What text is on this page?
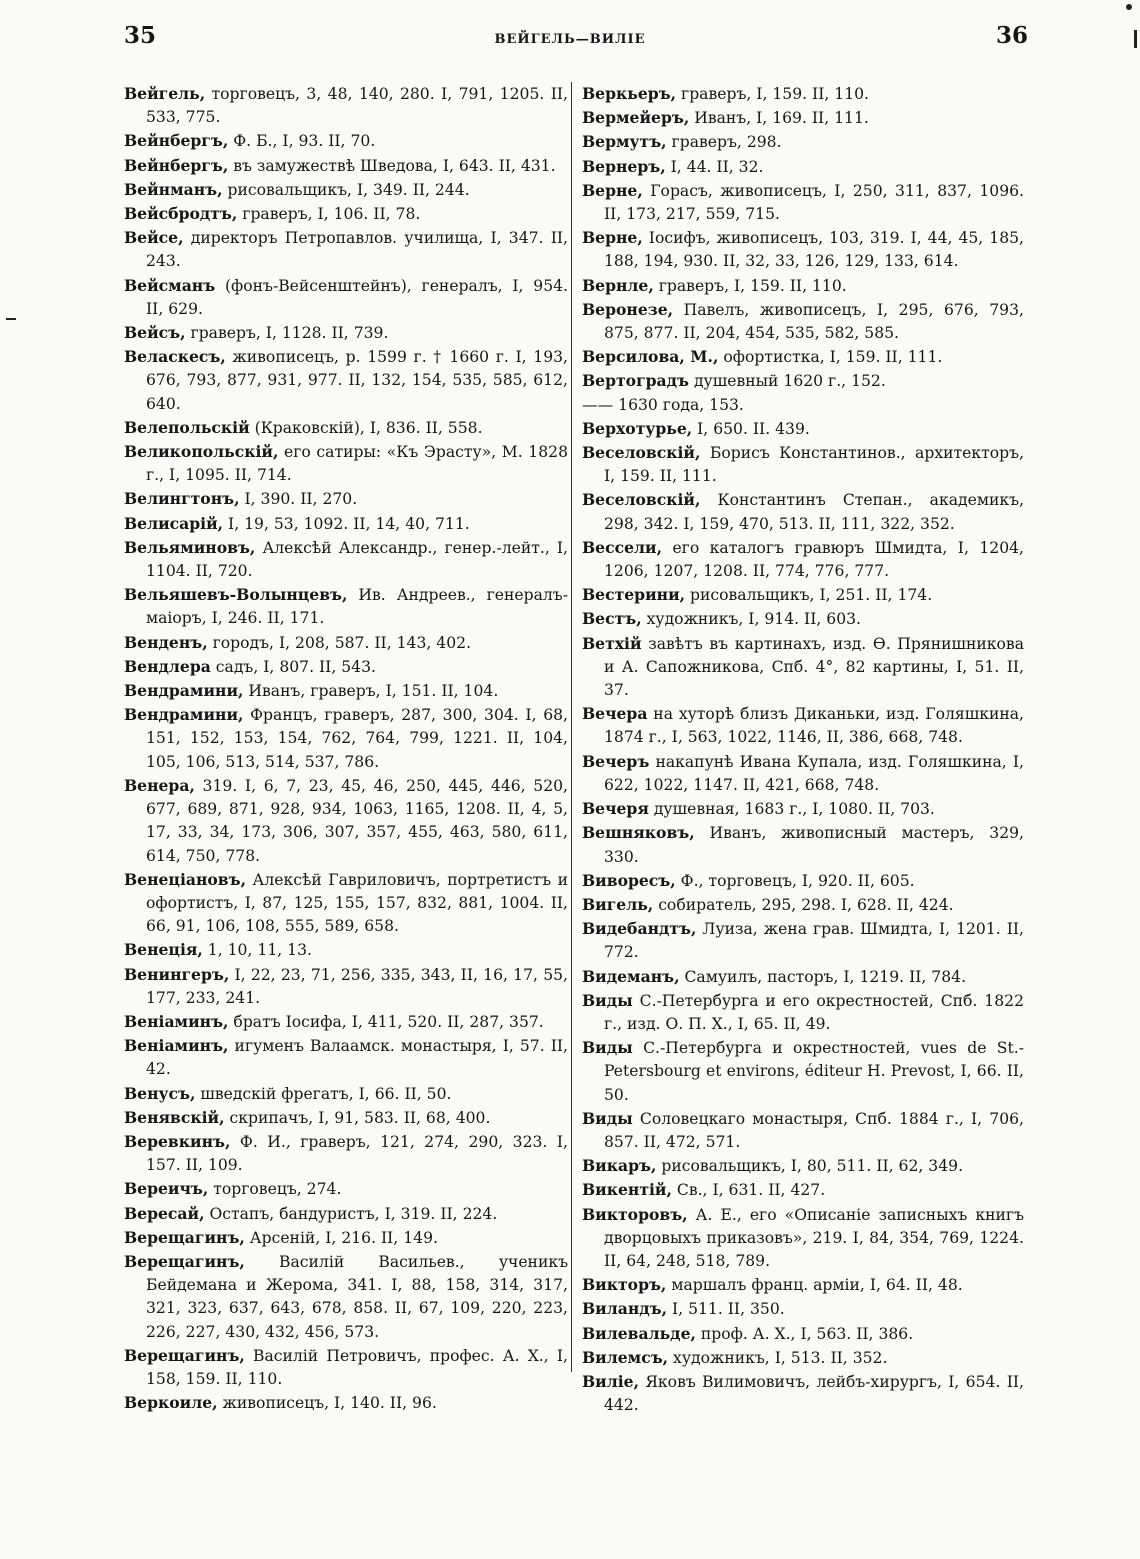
35	ВЕЙГЕЛЬ—ВИЛІЕ	36
Вейгель, торговецъ, 3, 48, 140, 280. I, 791, 1205. II, 533, 775.
Вейнбергъ, Ф. Б., I, 93. II, 70.
Вейнбергъ, въ замужествѣ Шведова, I, 643. II, 431.
Вейнманъ, рисовальщикъ, I, 349. II, 244.
Вейсбродтъ, граверъ, I, 106. II, 78.
Вейсе, директоръ Петропавлов. училища, I, 347. II, 243.
Вейсманъ (фонъ-Вейсенштейнъ), генералъ, I, 954. II, 629.
Вейсъ, граверъ, I, 1128. II, 739.
Веласкесъ, живописецъ, р. 1599 г. † 1660 г. I, 193, 676, 793, 877, 931, 977. II, 132, 154, 535, 585, 612, 640.
Велепольскій (Краковскій), I, 836. II, 558.
Великопольскій, его сатиры: «Къ Эрасту», М. 1828 г., I, 1095. II, 714.
Велингтонъ, I, 390. II, 270.
Велисарій, I, 19, 53, 1092. II, 14, 40, 711.
Вельяминовъ, Алексѣй Александр., генер.-лейт., I, 1104. II, 720.
Вельяшевъ-Волынцевъ, Ив. Андреев., генералъ-маіоръ, I, 246. II, 171.
Венденъ, городъ, I, 208, 587. II, 143, 402.
Вендлера садъ, I, 807. II, 543.
Вендрамини, Иванъ, граверъ, I, 151. II, 104.
Вендрамини, Францъ, граверъ, 287, 300, 304. I, 68, 151, 152, 153, 154, 762, 764, 799, 1221. II, 104, 105, 106, 513, 514, 537, 786.
Венера, 319. I, 6, 7, 23, 45, 46, 250, 445, 446, 520, 677, 689, 871, 928, 934, 1063, 1165, 1208. II, 4, 5, 17, 33, 34, 173, 306, 307, 357, 455, 463, 580, 611, 614, 750, 778.
Венеціановъ, Алексѣй Гавриловичъ, портретистъ и офортистъ, I, 87, 125, 155, 157, 832, 881, 1004. II, 66, 91, 106, 108, 555, 589, 658.
Венеція, 1, 10, 11, 13.
Венингеръ, I, 22, 23, 71, 256, 335, 343, II, 16, 17, 55, 177, 233, 241.
Веніаминъ, братъ Іосифа, I, 411, 520. II, 287, 357.
Веніаминъ, игуменъ Валаамск. монастыря, I, 57. II, 42.
Венусъ, шведскій фрегатъ, I, 66. II, 50.
Венявскій, скрипачъ, I, 91, 583. II, 68, 400.
Веревкинъ, Ф. И., граверъ, 121, 274, 290, 323. I, 157. II, 109.
Вереичъ, торговецъ, 274.
Вересай, Остапъ, бандуристъ, I, 319. II, 224.
Верещагинъ, Арсеній, I, 216. II, 149.
Верещагинъ, Василій Васильев., ученикъ Бейдемана и Жерома, 341. I, 88, 158, 314, 317, 321, 323, 637, 643, 678, 858. II, 67, 109, 220, 223, 226, 227, 430, 432, 456, 573.
Верещагинъ, Василій Петровичъ, профес. А. Х., I, 158, 159. II, 110.
Веркоиле, живописецъ, I, 140. II, 96.
Веркьеръ, граверъ, I, 159. II, 110.
Вермейеръ, Иванъ, I, 169. II, 111.
Вермутъ, граверъ, 298.
Вернеръ, I, 44. II, 32.
Верне, Горасъ, живописецъ, I, 250, 311, 837, 1096. II, 173, 217, 559, 715.
Верне, Іосифъ, живописецъ, 103, 319. I, 44, 45, 185, 188, 194, 930. II, 32, 33, 126, 129, 133, 614.
Вернле, граверъ, I, 159. II, 110.
Веронезе, Павелъ, живописецъ, I, 295, 676, 793, 875, 877. II, 204, 454, 535, 582, 585.
Версилова, М., офортистка, I, 159. II, 111.
Вертоградъ душевный 1620 г., 152.
—— 1630 года, 153.
Верхотурье, I, 650. II. 439.
Веселовскій, Борисъ Константинов., архитекторъ, I, 159. II, 111.
Веселовскій, Константинъ Степан., академикъ, 298, 342. I, 159, 470, 513. II, 111, 322, 352.
Вессели, его каталогъ гравюръ Шмидта, I, 1204, 1206, 1207, 1208. II, 774, 776, 777.
Вестерини, рисовальщикъ, I, 251. II, 174.
Вестъ, художникъ, I, 914. II, 603.
Ветхій завѣтъ въ картинахъ, изд. Ѳ. Прянишникова и А. Сапожникова, Спб. 4°, 82 картины, I, 51. II, 37.
Вечера на хуторѣ близъ Диканьки, изд. Голяшкина, 1874 г., I, 563, 1022, 1146, II, 386, 668, 748.
Вечеръ накапунѣ Ивана Купала, изд. Голяшкина, I, 622, 1022, 1147. II, 421, 668, 748.
Вечеря душевная, 1683 г., I, 1080. II, 703.
Вешняковъ, Иванъ, живописный мастеръ, 329, 330.
Виворесъ, Ф., торговецъ, I, 920. II, 605.
Вигель, собиратель, 295, 298. I, 628. II, 424.
Видебандтъ, Луиза, жена грав. Шмидта, I, 1201. II, 772.
Видеманъ, Самуилъ, пасторъ, I, 1219. II, 784.
Виды С.-Петербурга и его окрестностей, Спб. 1822 г., изд. О. П. Х., I, 65. II, 49.
Виды С.-Петербурга и окрестностей, vues de St.-Petersbourg et environs, éditeur H. Prevost, I, 66. II, 50.
Виды Соловецкаго монастыря, Спб. 1884 г., I, 706, 857. II, 472, 571.
Викаръ, рисовальщикъ, I, 80, 511. II, 62, 349.
Викентій, Св., I, 631. II, 427.
Викторовъ, А. Е., его «Описаніе записныхъ книгъ дворцовыхъ приказовъ», 219. I, 84, 354, 769, 1224. II, 64, 248, 518, 789.
Викторъ, маршалъ франц. арміи, I, 64. II, 48.
Виландъ, I, 511. II, 350.
Вилевальде, проф. А. Х., I, 563. II, 386.
Вилемсъ, художникъ, I, 513. II, 352.
Виліе, Яковъ Вилимовичъ, лейбъ-хирургъ, I, 654. II, 442.
